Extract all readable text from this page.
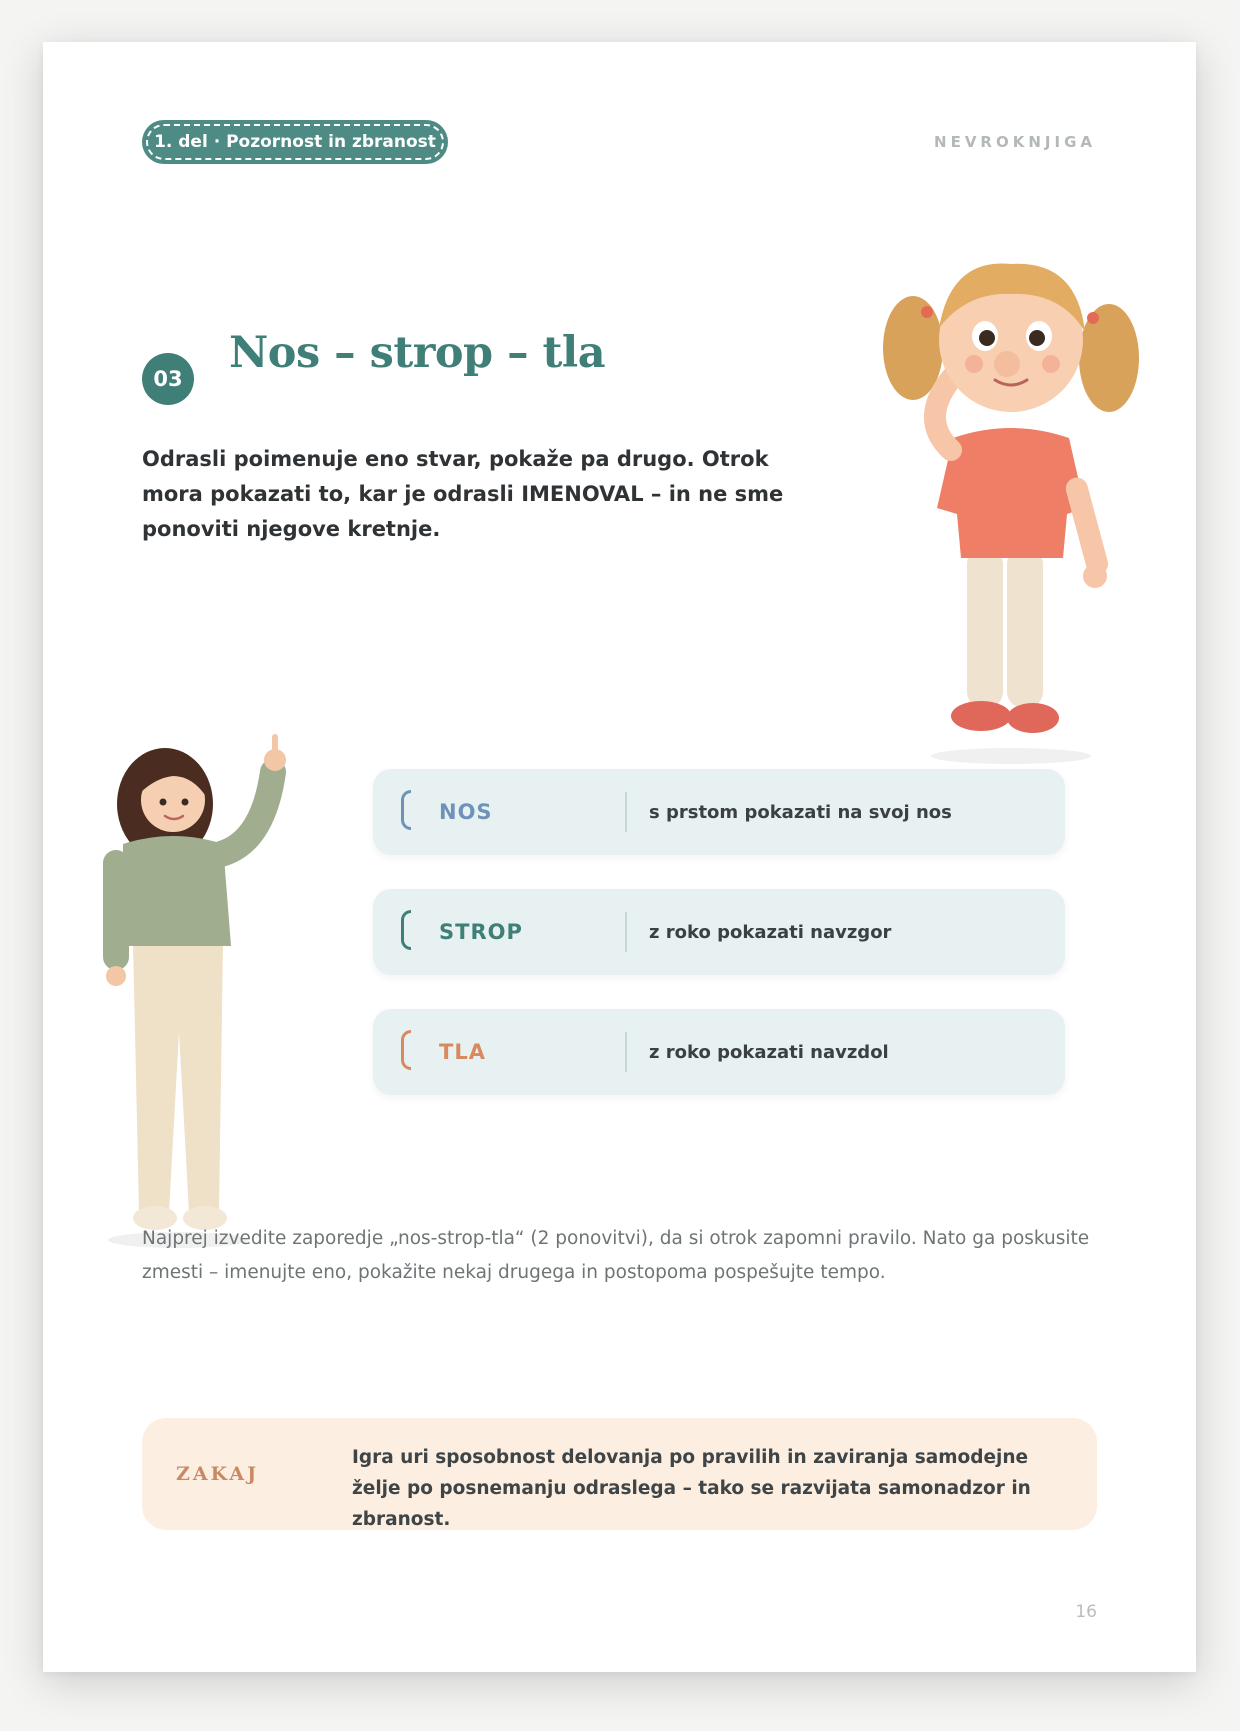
1. del · Pozornost in zbranost	NEVROKNJIGA
03
Nos – strop – tla

Odrasli poimenuje eno stvar, pokaže pa drugo. Otrok mora pokazati to, kar je odrasli IMENOVAL – in ne sme ponoviti njegove kretnje.

NOS	s prstom pokazati na svoj nos
STROP	z roko pokazati navzgor
TLA	z roko pokazati navzdol

Najprej izvedite zaporedje „nos-strop-tla“ (2 ponovitvi), da si otrok zapomni pravilo. Nato ga poskusite zmesti – imenujte eno, pokažite nekaj drugega in postopoma pospešujte tempo.

ZAKAJ

Igra uri sposobnost delovanja po pravilih in zaviranja samodejne želje po posnemanju odraslega – tako se razvijata samonadzor in zbranost.

16
